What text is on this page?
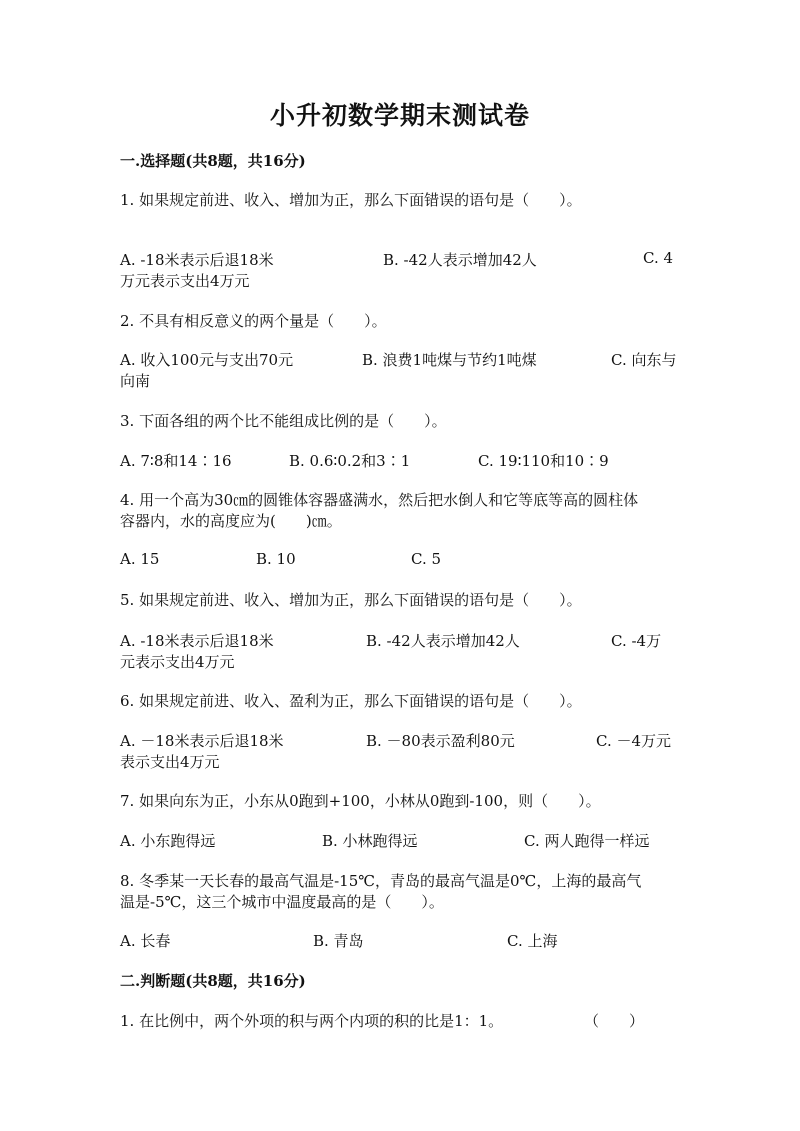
小升初数学期末测试卷
一.选择题(共8题，共16分)
1. 如果规定前进、收入、增加为正，那么下面错误的语句是（　　）。
A. -18米表示后退18米	B. -42人表示增加42人	C. 4
万元表示支出4万元
2. 不具有相反意义的两个量是（　　）。
A. 收入100元与支出70元	B. 浪费1吨煤与节约1吨煤	C. 向东与
向南
3. 下面各组的两个比不能组成比例的是（　　）。
A. 7∶8和14∶16	B. 0.6∶0.2和3∶1	C. 19∶110和10∶9
4. 用一个高为30㎝的圆锥体容器盛满水，然后把水倒人和它等底等高的圆柱体
容器内，水的高度应为(　　)㎝。
A. 15	B. 10	C. 5
5. 如果规定前进、收入、增加为正，那么下面错误的语句是（　　）。
A. -18米表示后退18米	B. -42人表示增加42人	C. -4万
元表示支出4万元
6. 如果规定前进、收入、盈利为正，那么下面错误的语句是（　　）。
A. －18米表示后退18米	B. －80表示盈利80元	C. －4万元
表示支出4万元
7. 如果向东为正，小东从0跑到+100，小林从0跑到-100，则（　　）。
A. 小东跑得远	B. 小林跑得远	C. 两人跑得一样远
8. 冬季某一天长春的最高气温是-15℃，青岛的最高气温是0℃，上海的最高气
温是-5℃，这三个城市中温度最高的是（　　）。
A. 长春	B. 青岛	C. 上海
二.判断题(共8题，共16分)
1. 在比例中，两个外项的积与两个内项的积的比是1：1。	（　　）
